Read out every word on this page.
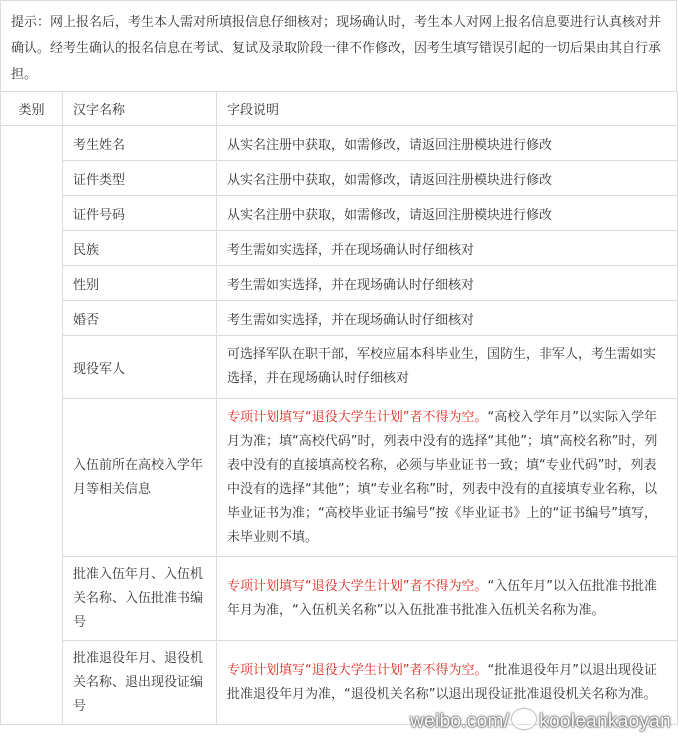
提示：网上报名后，考生本人需对所填报信息仔细核对；现场确认时，考生本人对网上报名信息要进行认真核对并确认。经考生确认的报名信息在考试、复试及录取阶段一律不作修改，因考生填写错误引起的一切后果由其自行承担。
类别	汉字名称	字段说明
	考生姓名	从实名注册中获取，如需修改，请返回注册模块进行修改
	证件类型	从实名注册中获取，如需修改，请返回注册模块进行修改
	证件号码	从实名注册中获取，如需修改，请返回注册模块进行修改
	民族	考生需如实选择，并在现场确认时仔细核对
	性别	考生需如实选择，并在现场确认时仔细核对
	婚否	考生需如实选择，并在现场确认时仔细核对
	现役军人	可选择军队在职干部，军校应届本科毕业生，国防生，非军人，考生需如实选择，并在现场确认时仔细核对
	入伍前所在高校入学年月等相关信息	专项计划填写“退役大学生计划”者不得为空。“高校入学年月”以实际入学年月为准；填“高校代码”时，列表中没有的选择“其他”；填“高校名称”时，列表中没有的直接填高校名称，必须与毕业证书一致；填“专业代码”时，列表中没有的选择“其他”；填“专业名称”时，列表中没有的直接填专业名称，以毕业证书为准；“高校毕业证书编号”按《毕业证书》上的“证书编号”填写，未毕业则不填。
	批准入伍年月、入伍机关名称、入伍批准书编号	专项计划填写“退役大学生计划”者不得为空。“入伍年月”以入伍批准书批准年月为准，“入伍机关名称”以入伍批准书批准入伍机关名称为准。
	批准退役年月、退役机关名称、退出现役证编号	专项计划填写“退役大学生计划”者不得为空。“批准退役年月”以退出现役证批准退役年月为准，“退役机关名称”以退出现役证批准退役机关名称为准。
weibo.com/ kooleankaoyan
